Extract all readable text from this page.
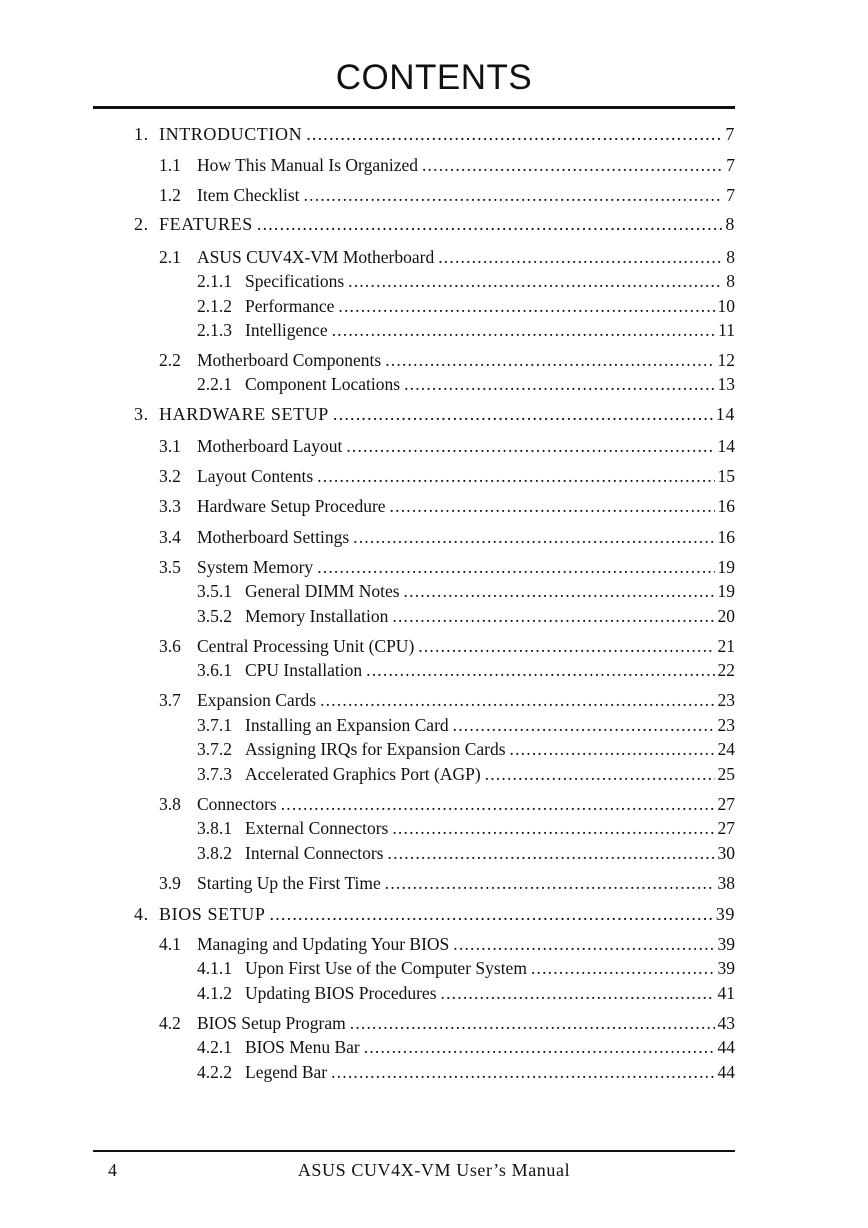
CONTENTS
1. INTRODUCTION .....	7
1.1 How This Manual Is Organized .....	7
1.2 Item Checklist .....	7
2. FEATURES .....	8
2.1 ASUS CUV4X-VM Motherboard .....	8
2.1.1 Specifications .....	8
2.1.2 Performance .....	10
2.1.3 Intelligence .....	11
2.2 Motherboard Components .....	12
2.2.1 Component Locations .....	13
3. HARDWARE SETUP .....	14
3.1 Motherboard Layout .....	14
3.2 Layout Contents .....	15
3.3 Hardware Setup Procedure .....	16
3.4 Motherboard Settings .....	16
3.5 System Memory .....	19
3.5.1 General DIMM Notes .....	19
3.5.2 Memory Installation .....	20
3.6 Central Processing Unit (CPU) .....	21
3.6.1 CPU Installation .....	22
3.7 Expansion Cards .....	23
3.7.1 Installing an Expansion Card .....	23
3.7.2 Assigning IRQs for Expansion Cards .....	24
3.7.3 Accelerated Graphics Port (AGP) .....	25
3.8 Connectors .....	27
3.8.1 External Connectors .....	27
3.8.2 Internal Connectors .....	30
3.9 Starting Up the First Time .....	38
4. BIOS SETUP .....	39
4.1 Managing and Updating Your BIOS .....	39
4.1.1 Upon First Use of the Computer System .....	39
4.1.2 Updating BIOS Procedures .....	41
4.2 BIOS Setup Program .....	43
4.2.1 BIOS Menu Bar .....	44
4.2.2 Legend Bar .....	44
4	ASUS CUV4X-VM User’s Manual
